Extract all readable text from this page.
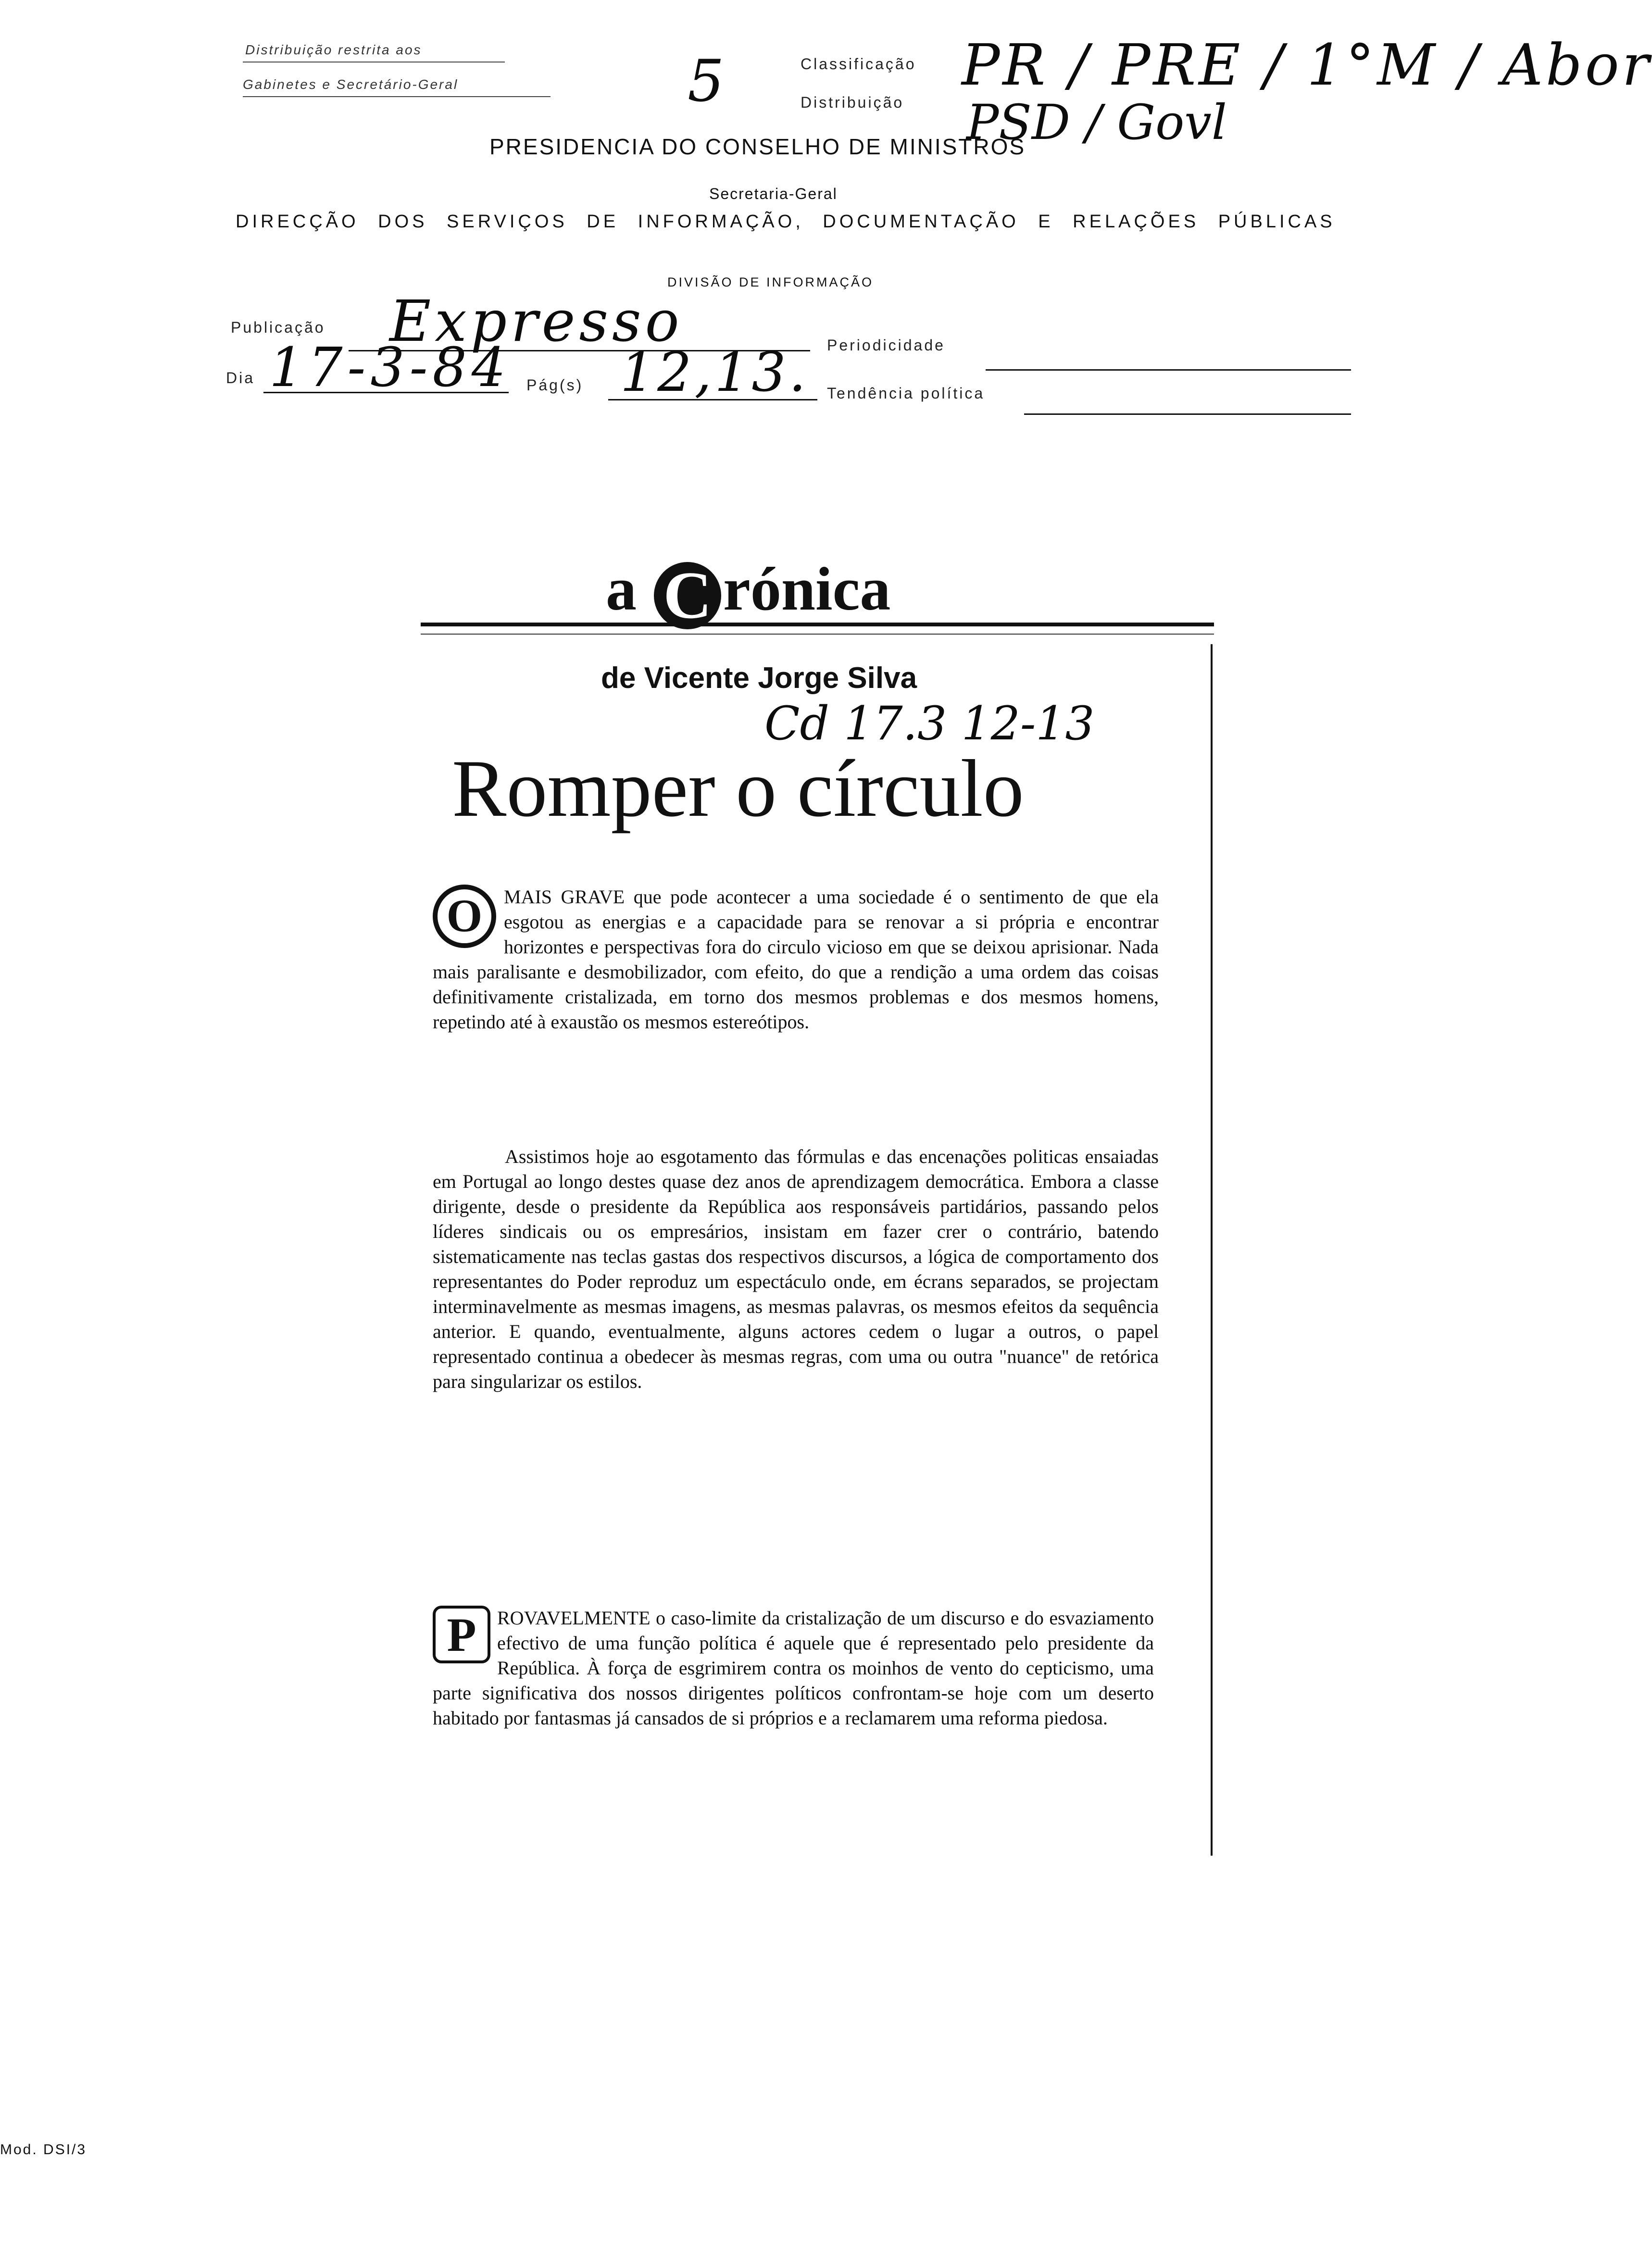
Distribuição restrita aos
Gabinetes e Secretário-Geral	5	Classificação
Distribuição
PR / PRE / 1°M / Abor
PSD / Govl
PRESIDENCIA DO CONSELHO DE MINISTROS
Secretaria-Geral
DIRECÇÃO DOS SERVIÇOS DE INFORMAÇÃO, DOCUMENTAÇÃO E RELAÇÕES PÚBLICAS
DIVISÃO DE INFORMAÇÃO
Publicação Expresso	Periodicidade
Dia 17-3-84 Pág(s) 12,13. Tendência política
a C rónica
de Vicente Jorge Silva
Cd 17.3 12-13
Romper o círculo
O	MAIS GRAVE que pode acontecer a uma sociedade é o sentimento de que ela esgotou as energias e a capacidade para se renovar a si própria e encontrar horizontes e perspectivas fora do circulo vicioso em que se deixou aprisionar. Nada mais paralisante e desmobilizador, com efeito, do que a rendição a uma ordem das coisas definitivamente cristalizada, em torno dos mesmos problemas e dos mesmos homens, repetindo até à exaustão os mesmos estereótipos.
Assistimos hoje ao esgotamento das fórmulas e das encenações politicas ensaiadas em Portugal ao longo destes quase dez anos de aprendizagem democrática. Embora a classe dirigente, desde o presidente da República aos responsáveis partidários, passando pelos líderes sindicais ou os empresários, insistam em fazer crer o contrário, batendo sistematicamente nas teclas gastas dos respectivos discursos, a lógica de comportamento dos representantes do Poder reproduz um espectáculo onde, em écrans separados, se projectam interminavelmente as mesmas imagens, as mesmas palavras, os mesmos efeitos da sequência anterior. E quando, eventualmente, alguns actores cedem o lugar a outros, o papel representado continua a obedecer às mesmas regras, com uma ou outra "nuance" de retórica para singularizar os estilos.
P	ROVAVELMENTE o caso-limite da cristalização de um discurso e do esvaziamento efectivo de uma função política é aquele que é representado pelo presidente da República. À força de esgrimirem contra os moinhos de vento do cepticismo, uma parte significativa dos nossos dirigentes políticos confrontam-se hoje com um deserto habitado por fantasmas já cansados de si próprios e a reclamarem uma reforma piedosa.
Mod. DSI/3
